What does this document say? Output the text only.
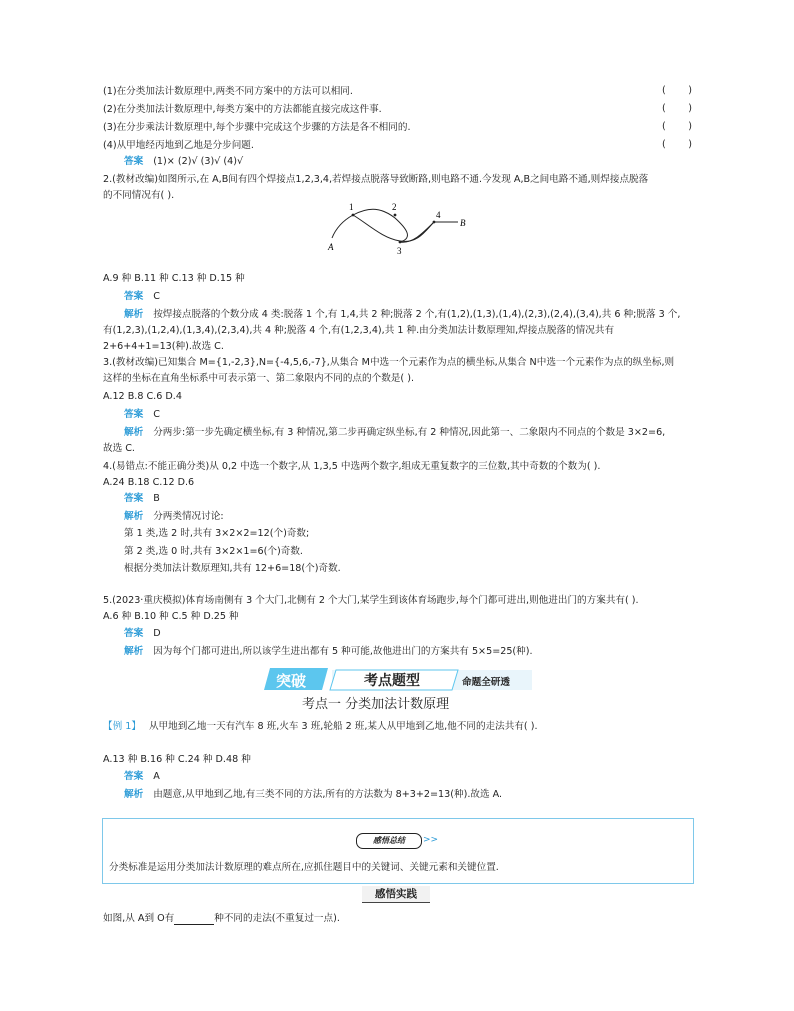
(1)在分类加法计数原理中,两类不同方案中的方法可以相同.	( )
(2)在分类加法计数原理中,每类方案中的方法都能直接完成这件事.	( )
(3)在分步乘法计数原理中,每个步骤中完成这个步骤的方法是各不相同的.	( )
(4)从甲地经丙地到乙地是分步问题.	( )
答案 (1)× (2)√ (3)√ (4)√
2.(教材改编)如图所示,在 A,B间有四个焊接点1,2,3,4,若焊接点脱落导致断路,则电路不通.今发现 A,B之间电路不通,则焊接点脱落
的不同情况有( ).
A
1	2
3
4
B
A.9 种 B.11 种 C.13 种 D.15 种
答案 C
解析 按焊接点脱落的个数分成 4 类:脱落 1 个,有 1,4,共 2 种;脱落 2 个,有(1,2),(1,3),(1,4),(2,3),(2,4),(3,4),共 6 种;脱落 3 个,
有(1,2,3),(1,2,4),(1,3,4),(2,3,4),共 4 种;脱落 4 个,有(1,2,3,4),共 1 种.由分类加法计数原理知,焊接点脱落的情况共有
2+6+4+1=13(种).故选 C.
3.(教材改编)已知集合 M={1,-2,3},N={-4,5,6,-7},从集合 M中选一个元素作为点的横坐标,从集合 N中选一个元素作为点的纵坐标,则
这样的坐标在直角坐标系中可表示第一、第二象限内不同的点的个数是( ).
A.12 B.8 C.6 D.4
答案 C
解析 分两步:第一步先确定横坐标,有 3 种情况,第二步再确定纵坐标,有 2 种情况,因此第一、二象限内不同点的个数是 3×2=6,
故选 C.
4.(易错点:不能正确分类)从 0,2 中选一个数字,从 1,3,5 中选两个数字,组成无重复数字的三位数,其中奇数的个数为( ).
A.24 B.18 C.12 D.6
答案 B
解析 分两类情况讨论:
第 1 类,选 2 时,共有 3×2×2=12(个)奇数;
第 2 类,选 0 时,共有 3×2×1=6(个)奇数.
根据分类加法计数原理知,共有 12+6=18(个)奇数.
5.(2023·重庆模拟)体育场南侧有 3 个大门,北侧有 2 个大门,某学生到该体育场跑步,每个门都可进出,则他进出门的方案共有( ).
A.6 种 B.10 种 C.5 种 D.25 种
答案 D
解析 因为每个门都可进出,所以该学生进出都有 5 种可能,故他进出门的方案共有 5×5=25(种).
突破	考点题型	命题全研透
考点一 分类加法计数原理
【例 1】 从甲地到乙地一天有汽车 8 班,火车 3 班,轮船 2 班,某人从甲地到乙地,他不同的走法共有( ).
A.13 种 B.16 种 C.24 种 D.48 种
答案 A
解析 由题意,从甲地到乙地,有三类不同的方法,所有的方法数为 8+3+2=13(种).故选 A.
感悟总结	>>
分类标准是运用分类加法计数原理的难点所在,应抓住题目中的关键词、关键元素和关键位置.
感悟实践
如图,从 A到 O有	种不同的走法(不重复过一点).
